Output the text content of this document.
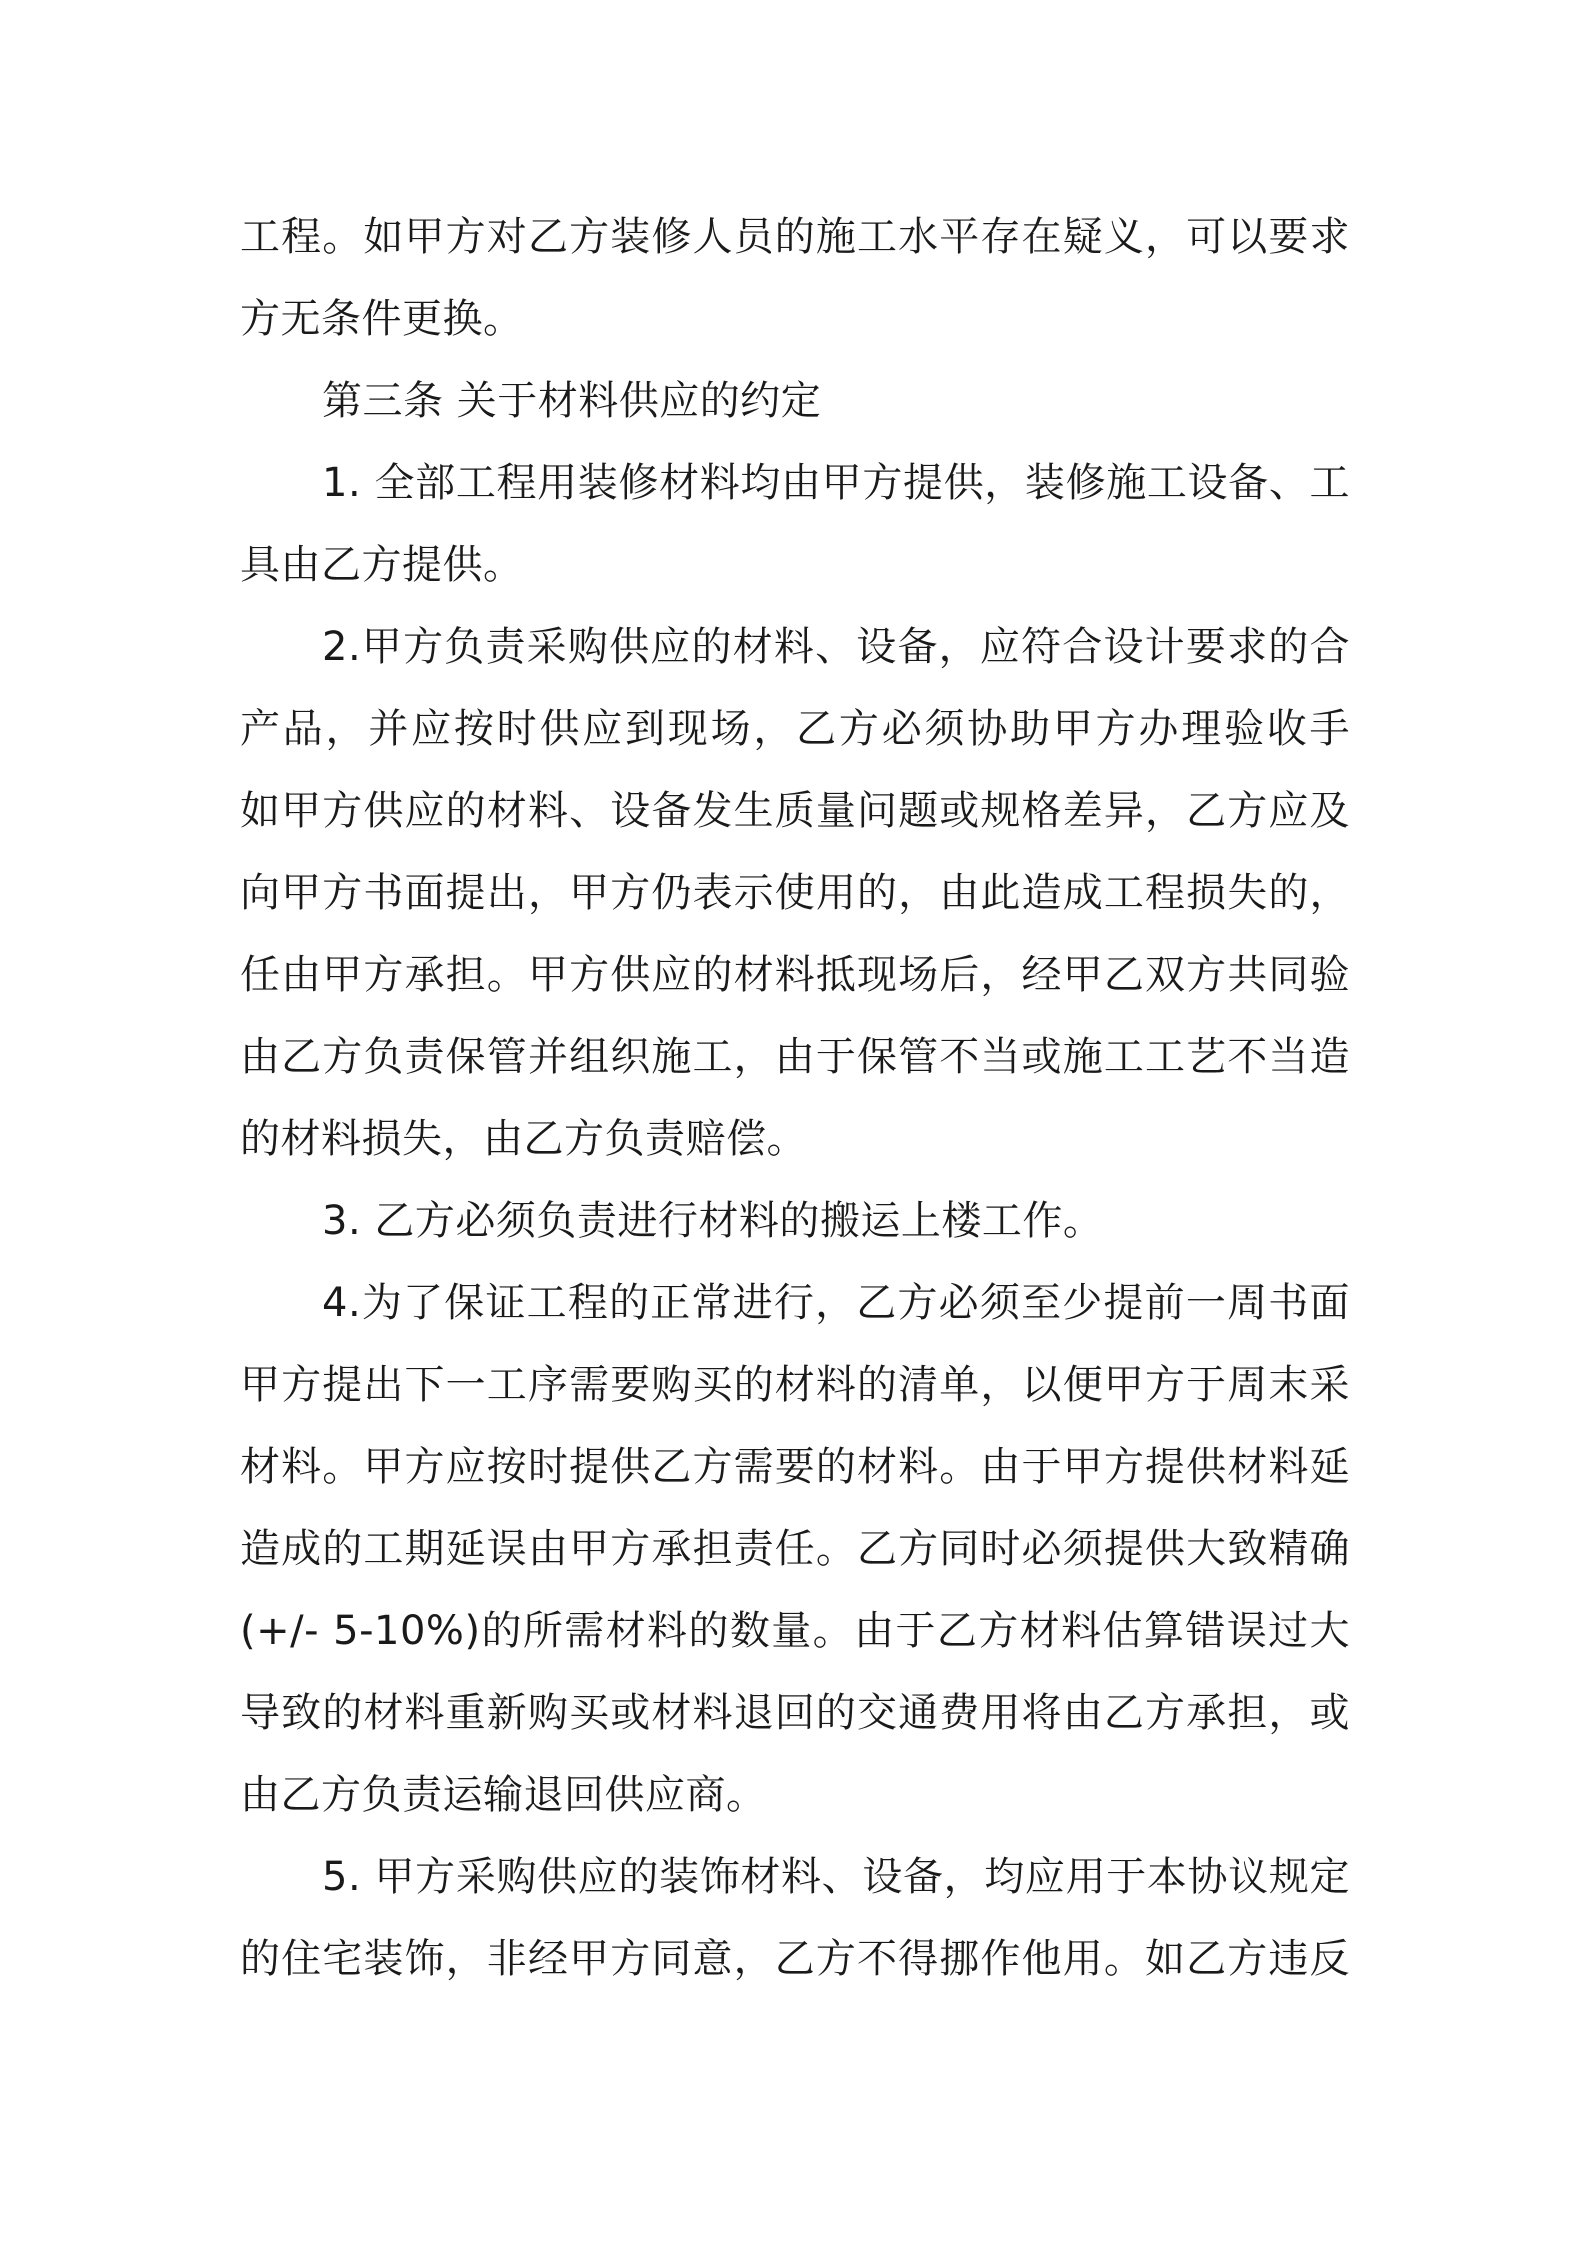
工程。如甲方对乙方装修人员的施工水平存在疑义，可以要求
方无条件更换。
第三条 关于材料供应的约定
1. 全部工程用装修材料均由甲方提供，装修施工设备、工
具由乙方提供。
2.甲方负责采购供应的材料、设备，应符合设计要求的合
产品，并应按时供应到现场，乙方必须协助甲方办理验收手
如甲方供应的材料、设备发生质量问题或规格差异，乙方应及
向甲方书面提出，甲方仍表示使用的，由此造成工程损失的，
任由甲方承担。甲方供应的材料抵现场后，经甲乙双方共同验
由乙方负责保管并组织施工，由于保管不当或施工工艺不当造
的材料损失，由乙方负责赔偿。
3. 乙方必须负责进行材料的搬运上楼工作。
4.为了保证工程的正常进行，乙方必须至少提前一周书面
甲方提出下一工序需要购买的材料的清单，以便甲方于周末采
材料。甲方应按时提供乙方需要的材料。由于甲方提供材料延
造成的工期延误由甲方承担责任。乙方同时必须提供大致精确
(+/- 5-10%)的所需材料的数量。由于乙方材料估算错误过大
导致的材料重新购买或材料退回的交通费用将由乙方承担，或
由乙方负责运输退回供应商。
5. 甲方采购供应的装饰材料、设备，均应用于本协议规定
的住宅装饰，非经甲方同意，乙方不得挪作他用。如乙方违反
